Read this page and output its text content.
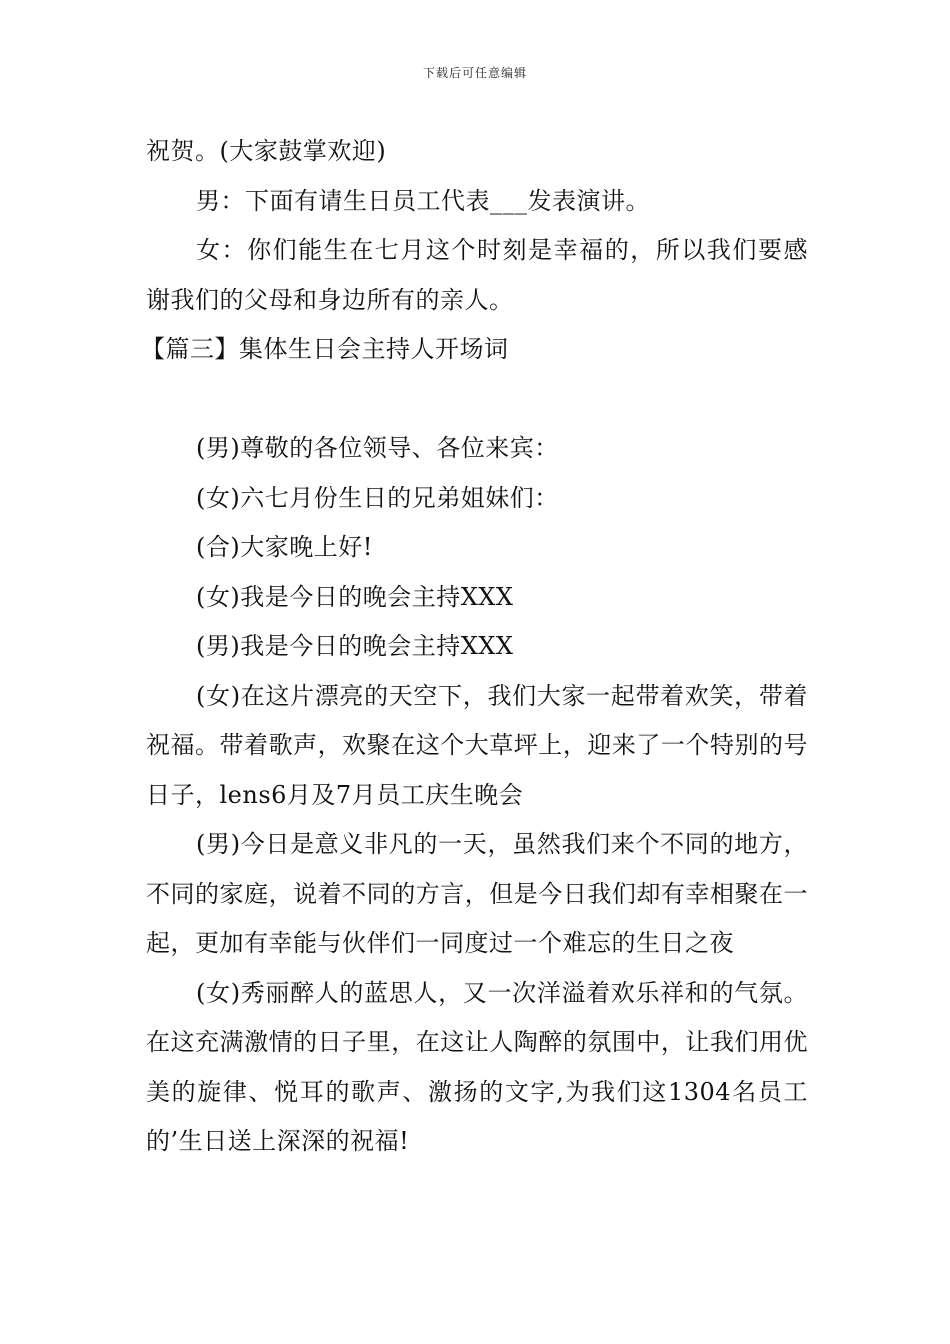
下载后可任意编辑

祝贺。(大家鼓掌欢迎)

男：下面有请生日员工代表___发表演讲。

女：你们能生在七月这个时刻是幸福的，所以我们要感谢我们的父母和身边所有的亲人。

【篇三】集体生日会主持人开场词

(男)尊敬的各位领导、各位来宾：

(女)六七月份生日的兄弟姐妹们：

(合)大家晚上好!

(女)我是今日的晚会主持XXX

(男)我是今日的晚会主持XXX

(女)在这片漂亮的天空下，我们大家一起带着欢笑，带着祝福。带着歌声，欢聚在这个大草坪上，迎来了一个特别的号日子，lens6月及7月员工庆生晚会

(男)今日是意义非凡的一天，虽然我们来个不同的地方，不同的家庭，说着不同的方言，但是今日我们却有幸相聚在一起，更加有幸能与伙伴们一同度过一个难忘的生日之夜

(女)秀丽醉人的蓝思人，又一次洋溢着欢乐祥和的气氛。在这充满激情的日子里，在这让人陶醉的氛围中，让我们用优美的旋律、悦耳的歌声、激扬的文字,为我们这1304名员工的’生日送上深深的祝福!
